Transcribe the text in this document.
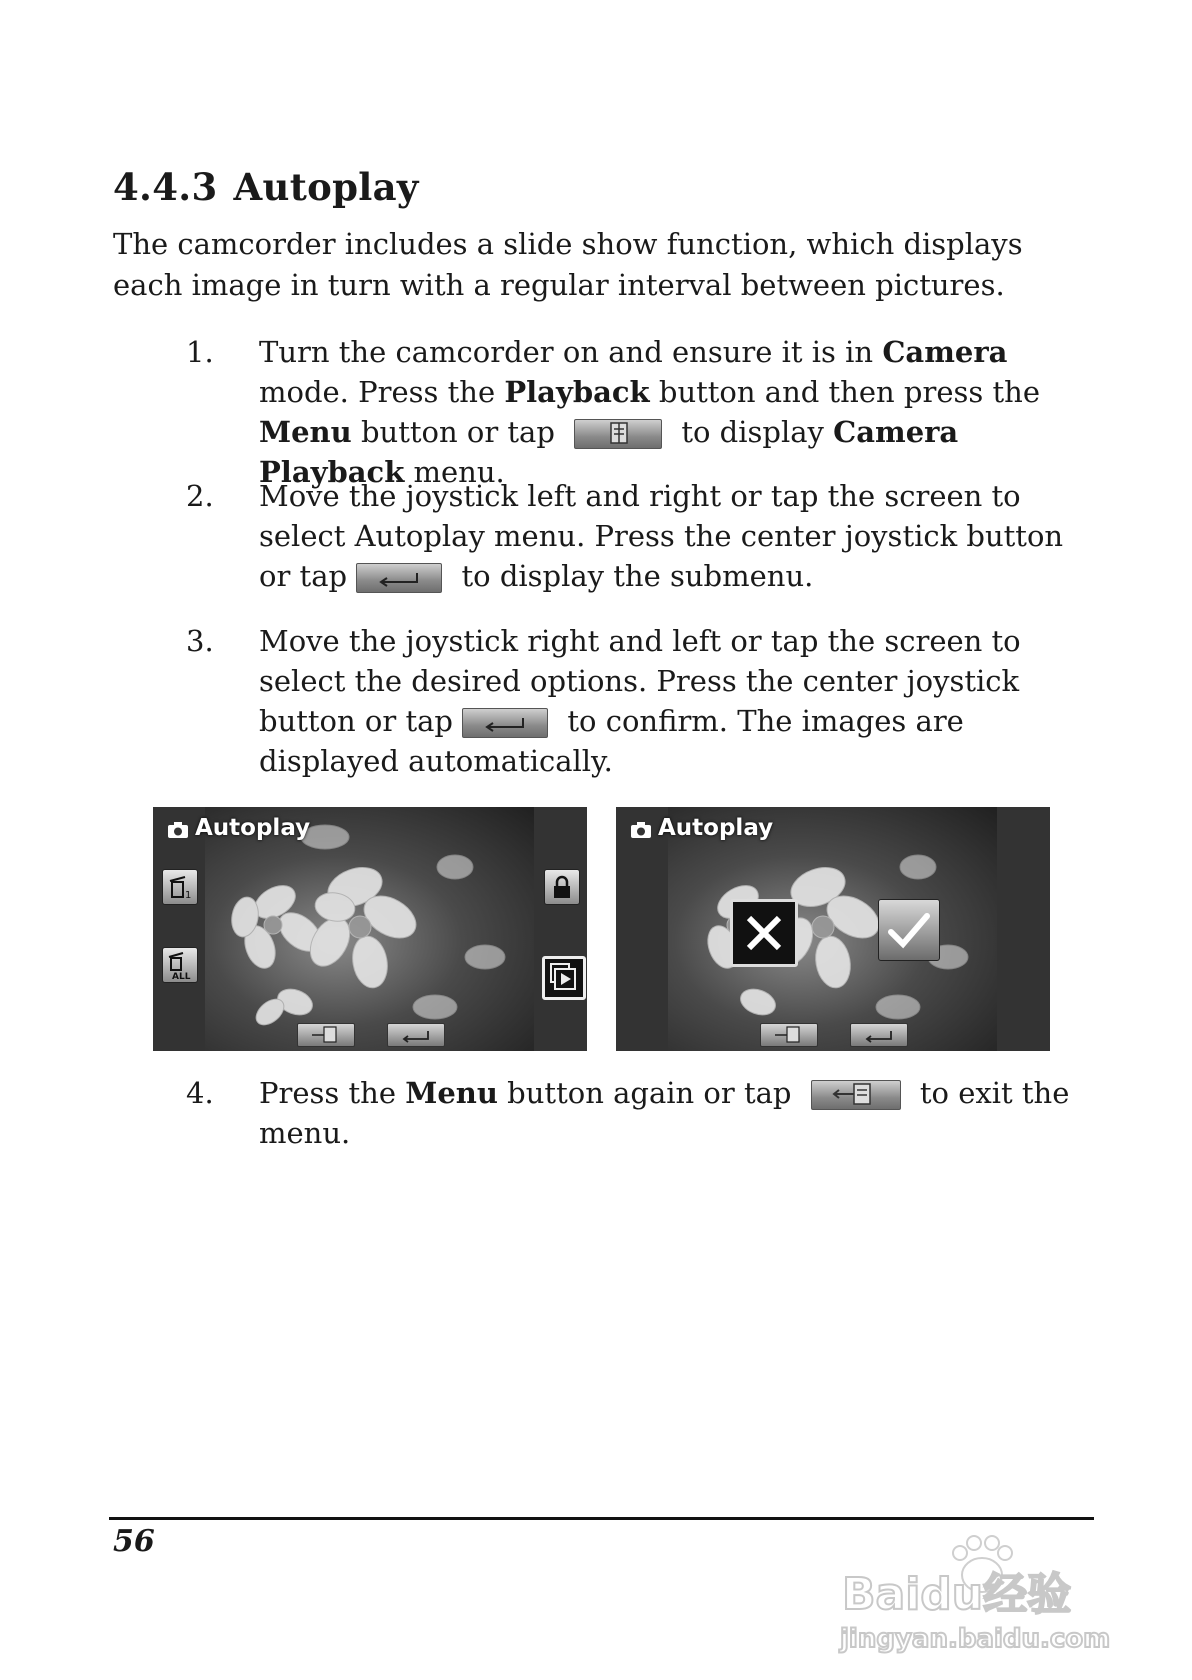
4.4.3 Autoplay

The camcorder includes a slide show function, which displays each image in turn with a regular interval between pictures.

1. Turn the camcorder on and ensure it is in Camera mode. Press the Playback button and then press the Menu button or tap	to display Camera Playback menu.
2. Move the joystick left and right or tap the screen to select Autoplay menu. Press the center joystick button or tap	to display the submenu.
3. Move the joystick right and left or tap the screen to select the desired options. Press the center joystick button or tap	to confirm. The images are displayed automatically.
Autoplay
1
ALL
Autoplay
4. Press the Menu button again or tap	to exit the menu.
56
Baidu经验
jingyan.baidu.com
